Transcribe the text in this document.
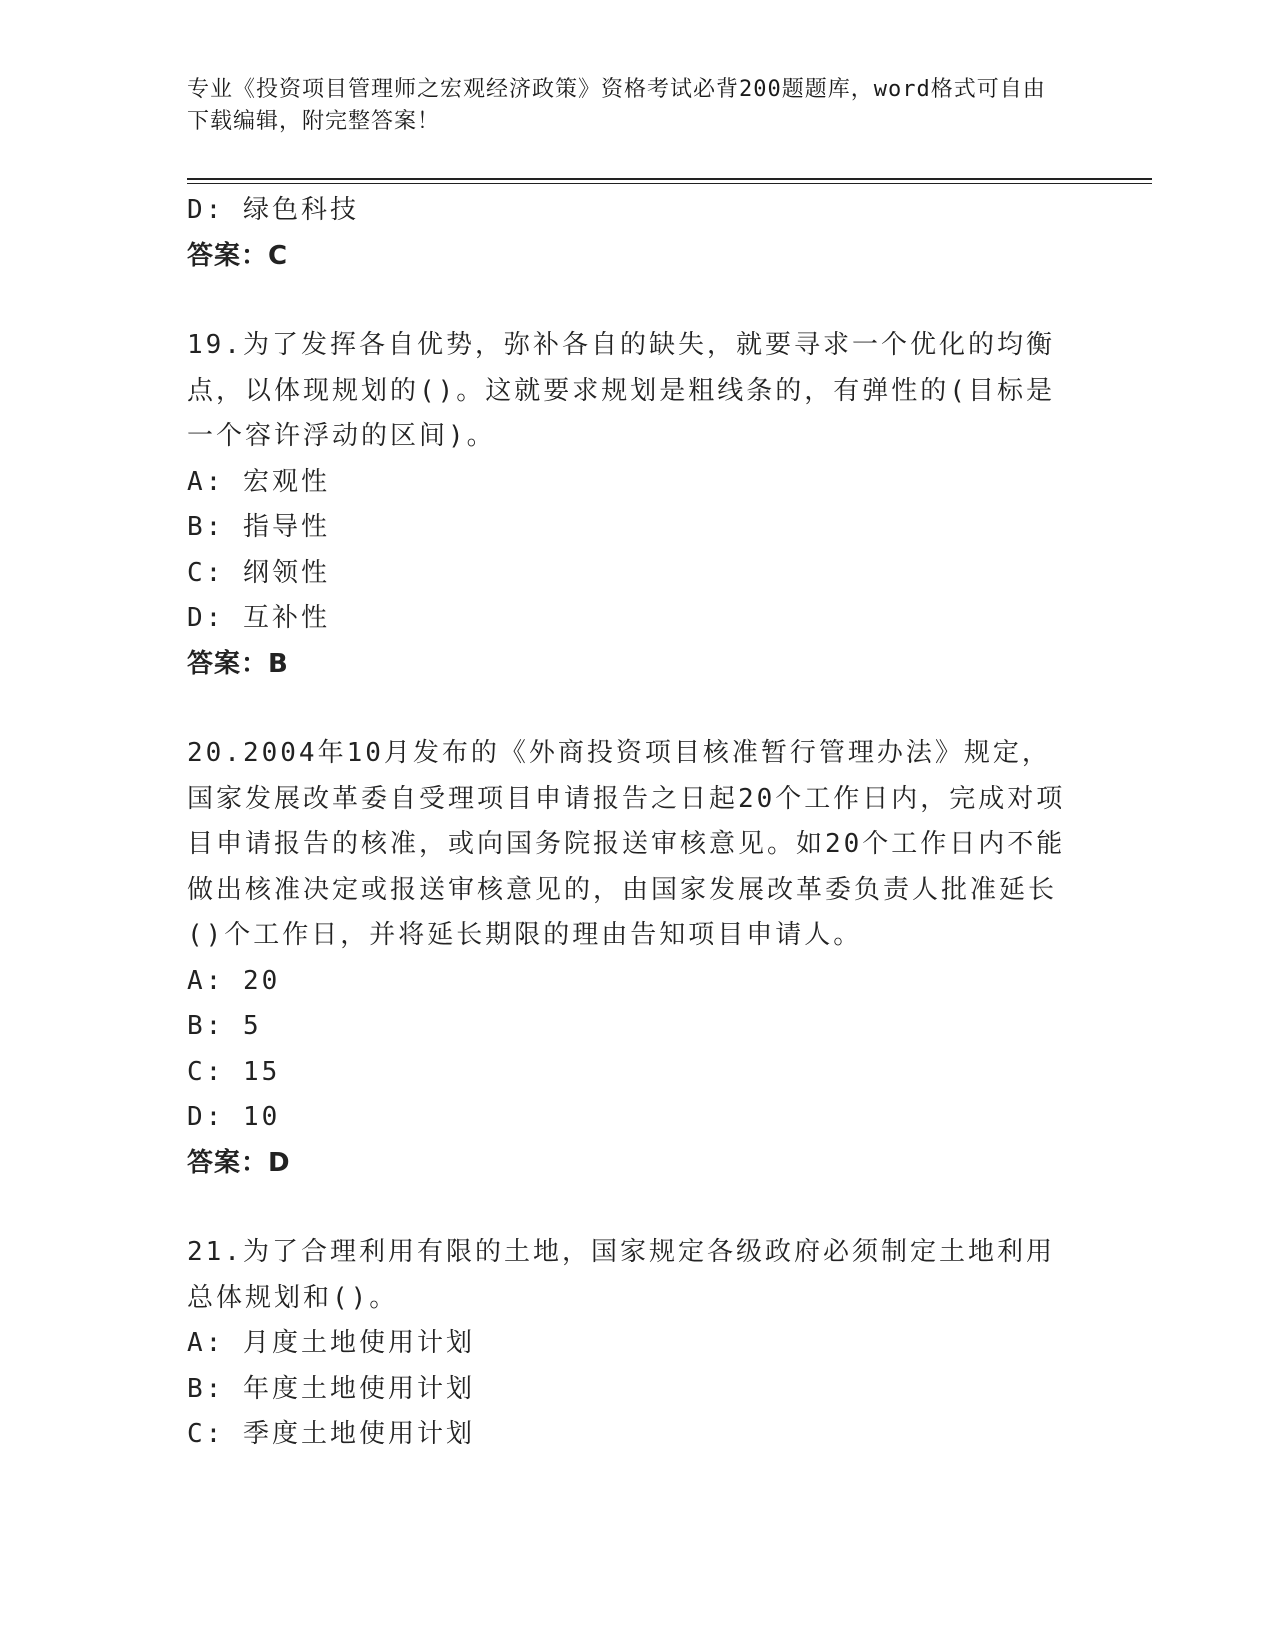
专业《投资项目管理师之宏观经济政策》资格考试必背200题题库，word格式可自由下载编辑，附完整答案！
D: 绿色科技
答案：C

19.为了发挥各自优势，弥补各自的缺失，就要寻求一个优化的均衡点，以体现规划的()。这就要求规划是粗线条的，有弹性的(目标是一个容许浮动的区间)。

A: 宏观性
B: 指导性
C: 纲领性
D: 互补性
答案：B

20.2004年10月发布的《外商投资项目核准暂行管理办法》规定，国家发展改革委自受理项目申请报告之日起20个工作日内，完成对项目申请报告的核准，或向国务院报送审核意见。如20个工作日内不能做出核准决定或报送审核意见的，由国家发展改革委负责人批准延长()个工作日，并将延长期限的理由告知项目申请人。

A: 20
B: 5
C: 15
D: 10
答案：D

21.为了合理利用有限的土地，国家规定各级政府必须制定土地利用总体规划和()。

A: 月度土地使用计划
B: 年度土地使用计划
C: 季度土地使用计划
